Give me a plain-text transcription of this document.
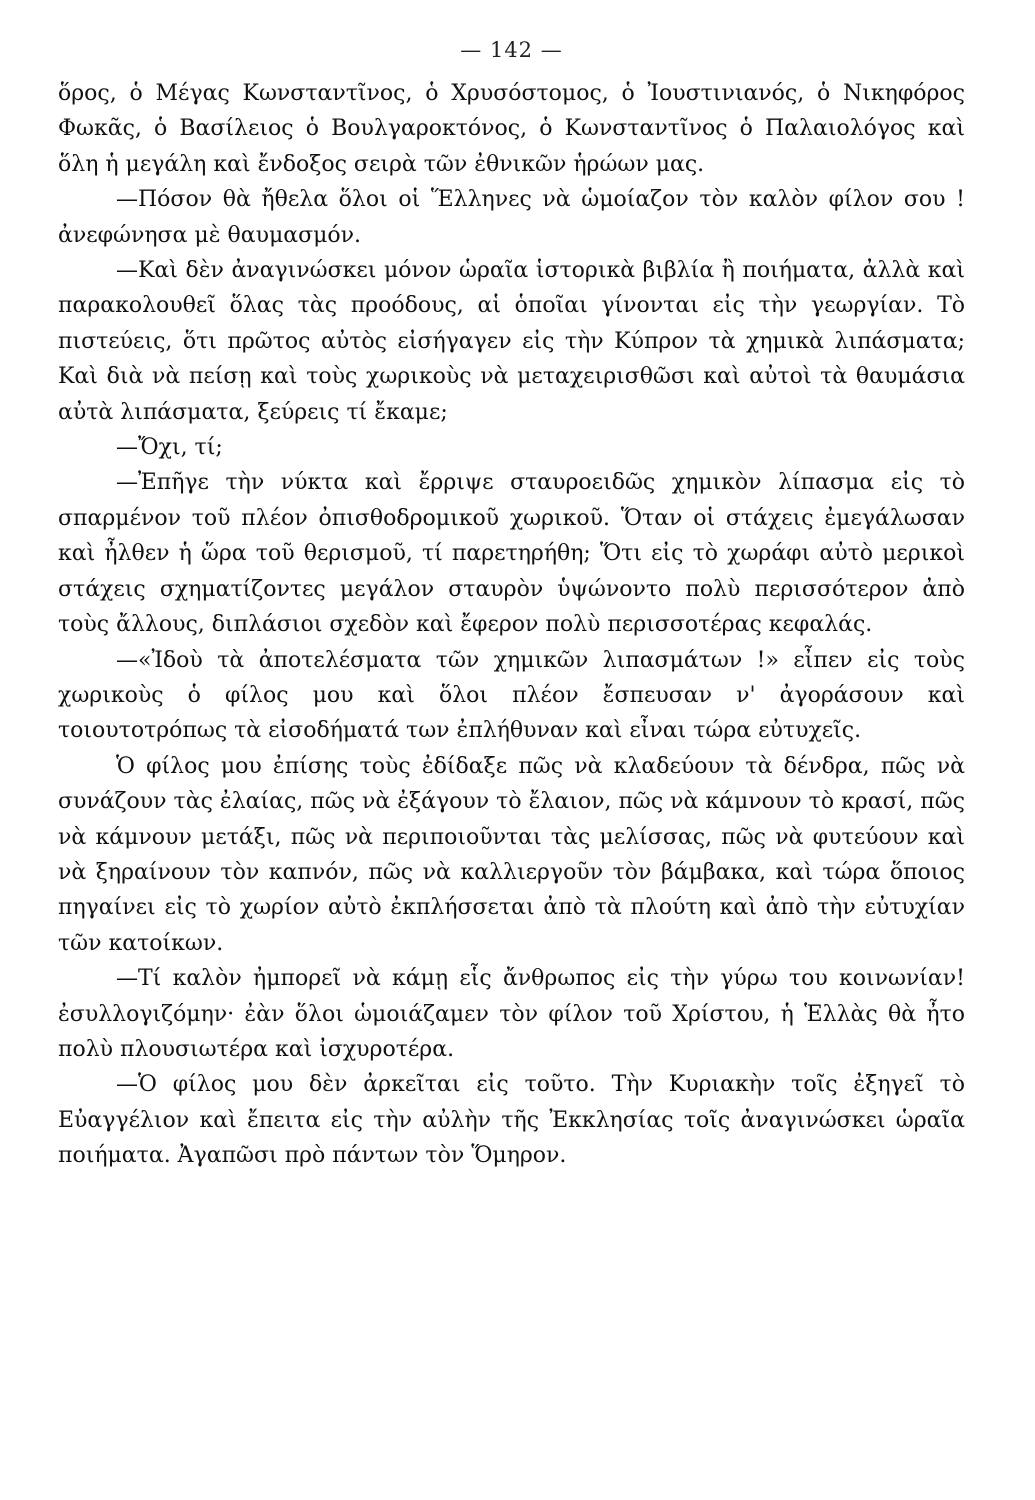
— 142 —

ὅρος, ὁ Μέγας Κωνσταντῖνος, ὁ Χρυσόστομος, ὁ Ἰουστινιανός, ὁ Νικηφόρος Φωκᾶς, ὁ Βασίλειος ὁ Βουλγαροκτόνος, ὁ Κωνσταντῖνος ὁ Παλαιολόγος καὶ ὅλη ἡ μεγάλη καὶ ἔνδοξος σειρὰ τῶν ἐθνικῶν ἡρώων μας.

—Πόσον θὰ ἤθελα ὅλοι οἱ Ἕλληνες νὰ ὡμοίαζον τὸν καλὸν φίλον σου ! ἀνεφώνησα μὲ θαυμασμόν.

—Καὶ δὲν ἀναγινώσκει μόνον ὡραῖα ἱστορικὰ βιβλία ἢ ποιήματα, ἀλλὰ καὶ παρακολουθεῖ ὅλας τὰς προόδους, αἱ ὁποῖαι γίνονται εἰς τὴν γεωργίαν. Τὸ πιστεύεις, ὅτι πρῶτος αὐτὸς εἰσήγαγεν εἰς τὴν Κύπρον τὰ χημικὰ λιπάσματα; Καὶ διὰ νὰ πείσῃ καὶ τοὺς χωρικοὺς νὰ μεταχειρισθῶσι καὶ αὐτοὶ τὰ θαυμάσια αὐτὰ λιπάσματα, ξεύρεις τί ἔκαμε;

—Ὄχι, τί;

—Ἐπῆγε τὴν νύκτα καὶ ἔρριψε σταυροειδῶς χημικὸν λίπασμα εἰς τὸ σπαρμένον τοῦ πλέον ὀπισθοδρομικοῦ χωρικοῦ. Ὅταν οἱ στάχεις ἐμεγάλωσαν καὶ ἦλθεν ἡ ὥρα τοῦ θερισμοῦ, τί παρετηρήθη; Ὅτι εἰς τὸ χωράφι αὐτὸ μερικοὶ στάχεις σχηματίζοντες μεγάλον σταυρὸν ὑψώνοντο πολὺ περισσότερον ἀπὸ τοὺς ἄλλους, διπλάσιοι σχεδὸν καὶ ἔφερον πολὺ περισσοτέρας κεφαλάς.

—«Ἰδοὺ τὰ ἀποτελέσματα τῶν χημικῶν λιπασμάτων !» εἶπεν εἰς τοὺς χωρικοὺς ὁ φίλος μου καὶ ὅλοι πλέον ἔσπευσαν ν' ἀγοράσουν καὶ τοιουτοτρόπως τὰ εἰσοδήματά των ἐπλήθυναν καὶ εἶναι τώρα εὐτυχεῖς.

Ὁ φίλος μου ἐπίσης τοὺς ἐδίδαξε πῶς νὰ κλαδεύουν τὰ δένδρα, πῶς νὰ συνάζουν τὰς ἐλαίας, πῶς νὰ ἐξάγουν τὸ ἔλαιον, πῶς νὰ κάμνουν τὸ κρασί, πῶς νὰ κάμνουν μετάξι, πῶς νὰ περιποιοῦνται τὰς μελίσσας, πῶς νὰ φυτεύουν καὶ νὰ ξηραίνουν τὸν καπνόν, πῶς νὰ καλλιεργοῦν τὸν βάμβακα, καὶ τώρα ὅποιος πηγαίνει εἰς τὸ χωρίον αὐτὸ ἐκπλήσσεται ἀπὸ τὰ πλούτη καὶ ἀπὸ τὴν εὐτυχίαν τῶν κατοίκων.

—Τί καλὸν ἠμπορεῖ νὰ κάμῃ εἷς ἄνθρωπος εἰς τὴν γύρω του κοινωνίαν! ἐσυλλογιζόμην· ἐὰν ὅλοι ὡμοιάζαμεν τὸν φίλον τοῦ Χρίστου, ἡ Ἑλλὰς θὰ ἦτο πολὺ πλουσιωτέρα καὶ ἰσχυροτέρα.

—Ὁ φίλος μου δὲν ἀρκεῖται εἰς τοῦτο. Τὴν Κυριακὴν τοῖς ἐξηγεῖ τὸ Εὐαγγέλιον καὶ ἔπειτα εἰς τὴν αὐλὴν τῆς Ἐκκλησίας τοῖς ἀναγινώσκει ὡραῖα ποιήματα. Ἀγαπῶσι πρὸ πάντων τὸν Ὅμηρον.
